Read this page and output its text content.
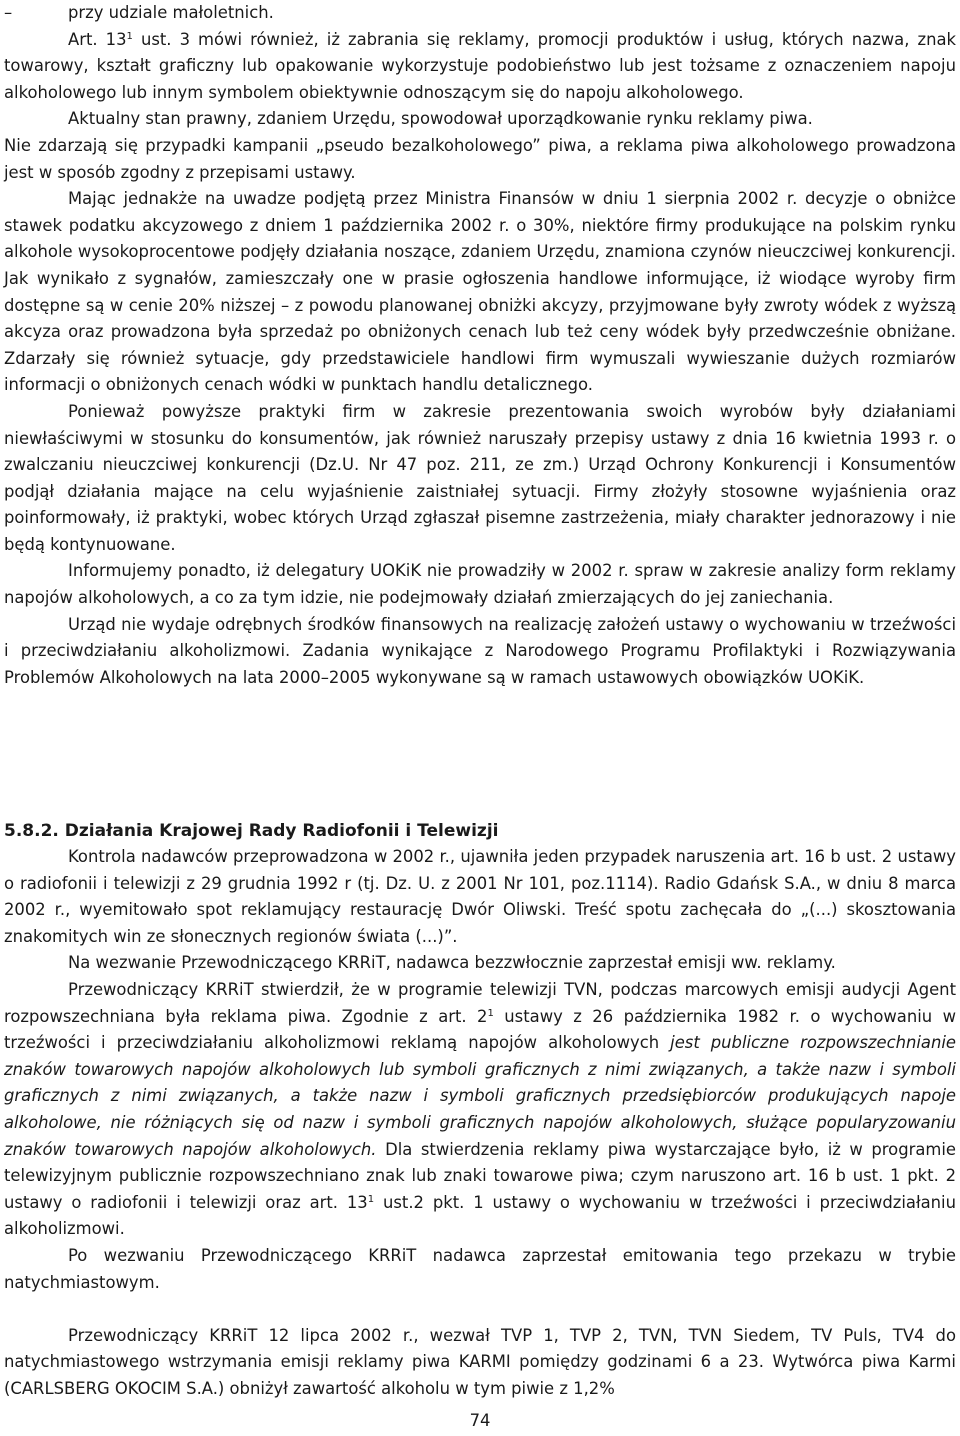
–	przy udziale małoletnich.

Art. $13^1$ ust. 3 mówi również, iż zabrania się reklamy, promocji produktów i usług, których nazwa, znak towarowy, kształt graficzny lub opakowanie wykorzystuje podobieństwo lub jest tożsame z oznaczeniem napoju alkoholowego lub innym symbolem obiektywnie odnoszącym się do napoju alkoholowego.

Aktualny stan prawny, zdaniem Urzędu, spowodował uporządkowanie rynku reklamy piwa.

Nie zdarzają się przypadki kampanii „pseudo bezalkoholowego” piwa, a reklama piwa alkoholowego prowadzona jest w sposób zgodny z przepisami ustawy.

Mając jednakże na uwadze podjętą przez Ministra Finansów w dniu 1 sierpnia 2002 r. decyzje o obniżce stawek podatku akcyzowego z dniem 1 października 2002 r. o 30%, niektóre firmy produkujące na polskim rynku alkohole wysokoprocentowe podjęły działania noszące, zdaniem Urzędu, znamiona czynów nieuczciwej konkurencji. Jak wynikało z sygnałów, zamieszczały one w prasie ogłoszenia handlowe informujące, iż wiodące wyroby firm dostępne są w cenie 20% niższej – z powodu planowanej obniżki akcyzy, przyjmowane były zwroty wódek z wyższą akcyza oraz prowadzona była sprzedaż po obniżonych cenach lub też ceny wódek były przedwcześnie obniżane. Zdarzały się również sytuacje, gdy przedstawiciele handlowi firm wymuszali wywieszanie dużych rozmiarów informacji o obniżonych cenach wódki w punktach handlu detalicznego.

Ponieważ powyższe praktyki firm w zakresie prezentowania swoich wyrobów były działaniami niewłaściwymi w stosunku do konsumentów, jak również naruszały przepisy ustawy z dnia 16 kwietnia 1993 r. o zwalczaniu nieuczciwej konkurencji (Dz.U. Nr 47 poz. 211, ze zm.) Urząd Ochrony Konkurencji i Konsumentów podjął działania mające na celu wyjaśnienie zaistniałej sytuacji. Firmy złożyły stosowne wyjaśnienia oraz poinformowały, iż praktyki, wobec których Urząd zgłaszał pisemne zastrzeżenia, miały charakter jednorazowy i nie będą kontynuowane.

Informujemy ponadto, iż delegatury UOKiK nie prowadziły w 2002 r. spraw w zakresie analizy form reklamy napojów alkoholowych, a co za tym idzie, nie podejmowały działań zmierzających do jej zaniechania.

Urząd nie wydaje odrębnych środków finansowych na realizację założeń ustawy o wychowaniu w trzeźwości i przeciwdziałaniu alkoholizmowi. Zadania wynikające z Narodowego Programu Profilaktyki i Rozwiązywania Problemów Alkoholowych na lata 2000–2005 wykonywane są w ramach ustawowych obowiązków UOKiK.

5.8.2. Działania Krajowej Rady Radiofonii i Telewizji

Kontrola nadawców przeprowadzona w 2002 r., ujawniła jeden przypadek naruszenia art. 16 b ust. 2 ustawy o radiofonii i telewizji z 29 grudnia 1992 r (tj. Dz. U. z 2001 Nr 101, poz.1114). Radio Gdańsk S.A., w dniu 8 marca 2002 r., wyemitowało spot reklamujący restaurację Dwór Oliwski. Treść spotu zachęcała do „(...) skosztowania znakomitych win ze słonecznych regionów świata (...)”.

Na wezwanie Przewodniczącego KRRiT, nadawca bezzwłocznie zaprzestał emisji ww. reklamy.

Przewodniczący KRRiT stwierdził, że w programie telewizji TVN, podczas marcowych emisji audycji Agent rozpowszechniana była reklama piwa. Zgodnie z art. $2^1$ ustawy z 26 października 1982 r. o wychowaniu w trzeźwości i przeciwdziałaniu alkoholizmowi reklamą napojów alkoholowych jest publiczne rozpowszechnianie znaków towarowych napojów alkoholowych lub symboli graficznych z nimi związanych, a także nazw i symboli graficznych z nimi związanych, a także nazw i symboli graficznych przedsiębiorców produkujących napoje alkoholowe, nie różniących się od nazw i symboli graficznych napojów alkoholowych, służące popularyzowaniu znaków towarowych napojów alkoholowych. Dla stwierdzenia reklamy piwa wystarczające było, iż w programie telewizyjnym publicznie rozpowszechniano znak lub znaki towarowe piwa; czym naruszono art. 16 b ust. 1 pkt. 2 ustawy o radiofonii i telewizji oraz art. $13^1$ ust.2 pkt. 1 ustawy o wychowaniu w trzeźwości i przeciwdziałaniu alkoholizmowi.

Po wezwaniu Przewodniczącego KRRiT nadawca zaprzestał emitowania tego przekazu w trybie natychmiastowym.

Przewodniczący KRRiT 12 lipca 2002 r., wezwał TVP 1, TVP 2, TVN, TVN Siedem, TV Puls, TV4 do natychmiastowego wstrzymania emisji reklamy piwa KARMI pomiędzy godzinami 6 a 23. Wytwórca piwa Karmi (CARLSBERG OKOCIM S.A.) obniżył zawartość alkoholu w tym piwie z 1,2%

74
